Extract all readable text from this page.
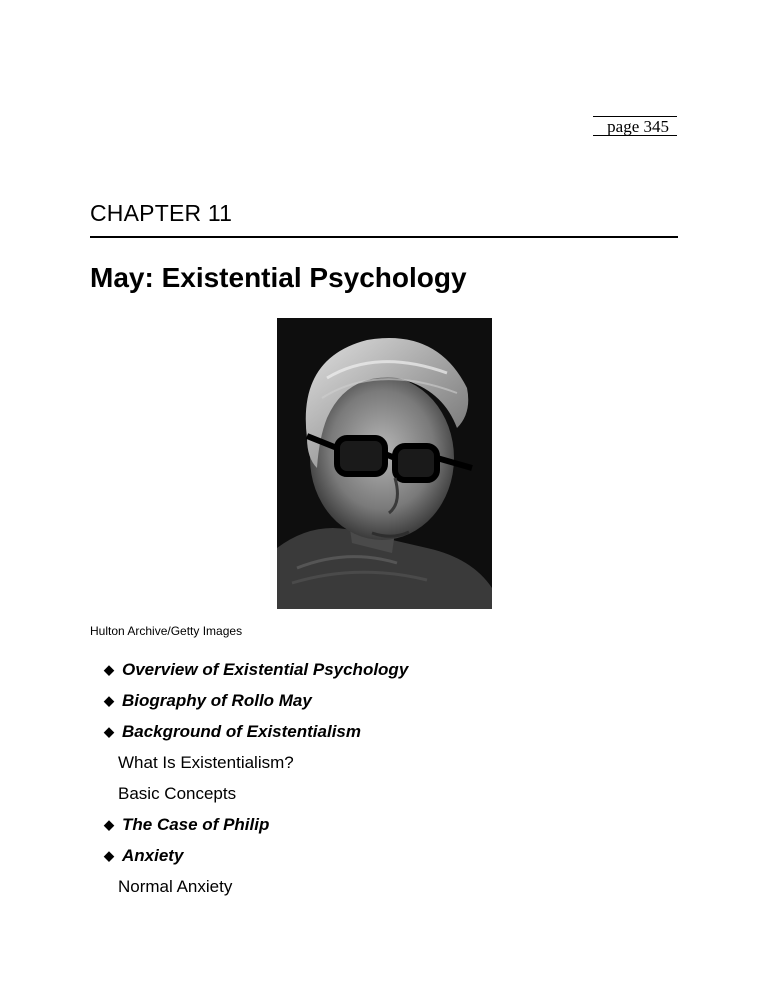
page 345
CHAPTER 11
May: Existential Psychology
Hulton Archive/Getty Images
◆ Overview of Existential Psychology
◆ Biography of Rollo May
◆ Background of Existentialism
What Is Existentialism?
Basic Concepts
◆ The Case of Philip
◆ Anxiety
Normal Anxiety
